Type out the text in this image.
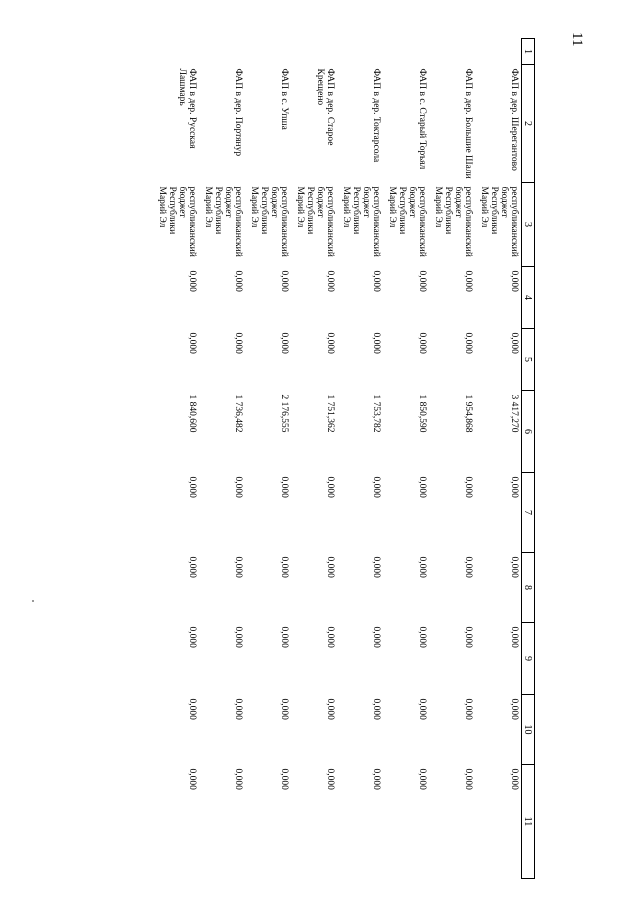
11
1	2	3	4	5	6	7	8	9	10	11
	ФАП в дер. Шерегантово	республиканский бюджет Республики Марий Эл	0,000	0,000	3 417,270	0,000	0,000	0,000	0,000	0,000
	ФАП в дер. Большие Шали	республиканский бюджет Республики Марий Эл	0,000	0,000	1 954,868	0,000	0,000	0,000	0,000	0,000
	ФАП в с. Старый Торъял	республиканский бюджет Республики Марий Эл	0,000	0,000	1 850,590	0,000	0,000	0,000	0,000	0,000
	ФАП в дер. Токтарсола	республиканский бюджет Республики Марий Эл	0,000	0,000	1 753,782	0,000	0,000	0,000	0,000	0,000
	ФАП в дер. Старое Крещено	республиканский бюджет Республики Марий Эл	0,000	0,000	1 751,362	0,000	0,000	0,000	0,000	0,000
	ФАП в с. Упша	республиканский бюджет Республики Марий Эл	0,000	0,000	2 176,555	0,000	0,000	0,000	0,000	0,000
	ФАП в дер. Портянур	республиканский бюджет Республики Марий Эл	0,000	0,000	1 736,482	0,000	0,000	0,000	0,000	0,000
	ФАП в дер. Русская Лашмарь	республиканский бюджет Республики Марий Эл	0,000	0,000	1 840,600	0,000	0,000	0,000	0,000	0,000
